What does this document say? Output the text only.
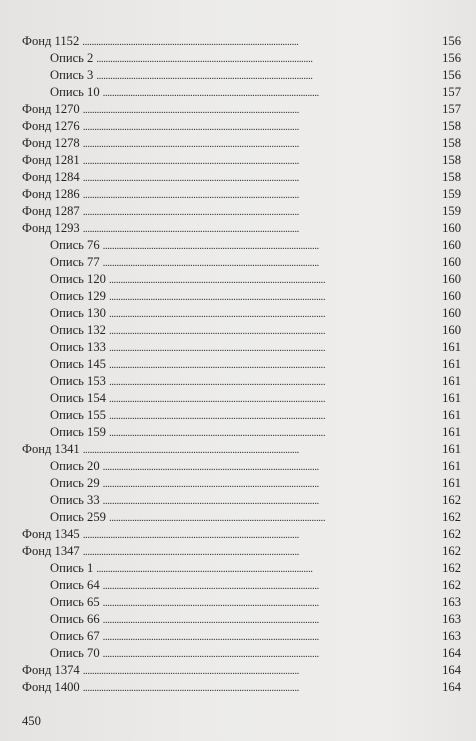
Фонд 1152 . . .	156
Опись 2 . . .	156
Опись 3 . . .	156
Опись 10 . . .	157
Фонд 1270 . . .	157
Фонд 1276 . . .	158
Фонд 1278 . . .	158
Фонд 1281 . . .	158
Фонд 1284 . . .	158
Фонд 1286 . . .	159
Фонд 1287 . . .	159
Фонд 1293 . . .	160
Опись 76 . . .	160
Опись 77 . . .	160
Опись 120 . . .	160
Опись 129 . . .	160
Опись 130 . . .	160
Опись 132 . . .	160
Опись 133 . . .	161
Опись 145 . . .	161
Опись 153 . . .	161
Опись 154 . . .	161
Опись 155 . . .	161
Опись 159 . . .	161
Фонд 1341 . . .	161
Опись 20 . . .	161
Опись 29 . . .	161
Опись 33 . . .	162
Опись 259 . . .	162
Фонд 1345 . . .	162
Фонд 1347 . . .	162
Опись 1 . . .	162
Опись 64 . . .	162
Опись 65 . . .	163
Опись 66 . . .	163
Опись 67 . . .	163
Опись 70 . . .	164
Фонд 1374 . . .	164
Фонд 1400 . . .	164
450
